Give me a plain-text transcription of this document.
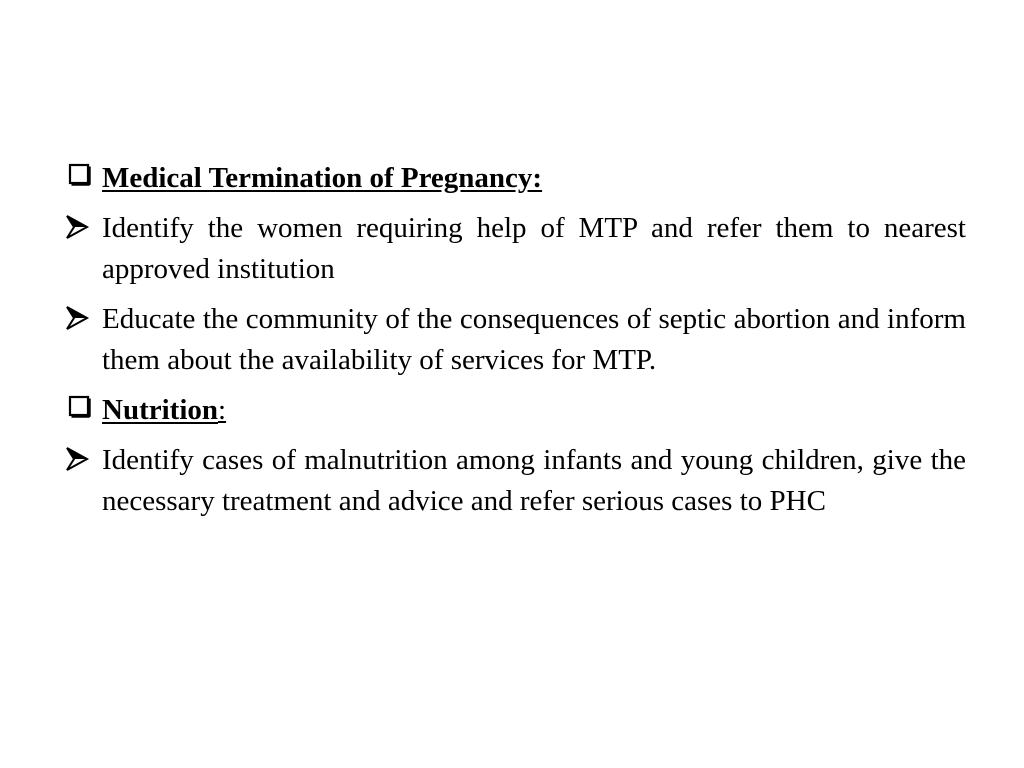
Medical Termination of Pregnancy:
Identify the women requiring help of MTP and refer them to nearest approved institution
Educate the community of the consequences of septic abortion and inform them about the availability of services for MTP.
Nutrition:
Identify cases of malnutrition among infants and young children, give the necessary treatment and advice and refer serious cases to PHC
